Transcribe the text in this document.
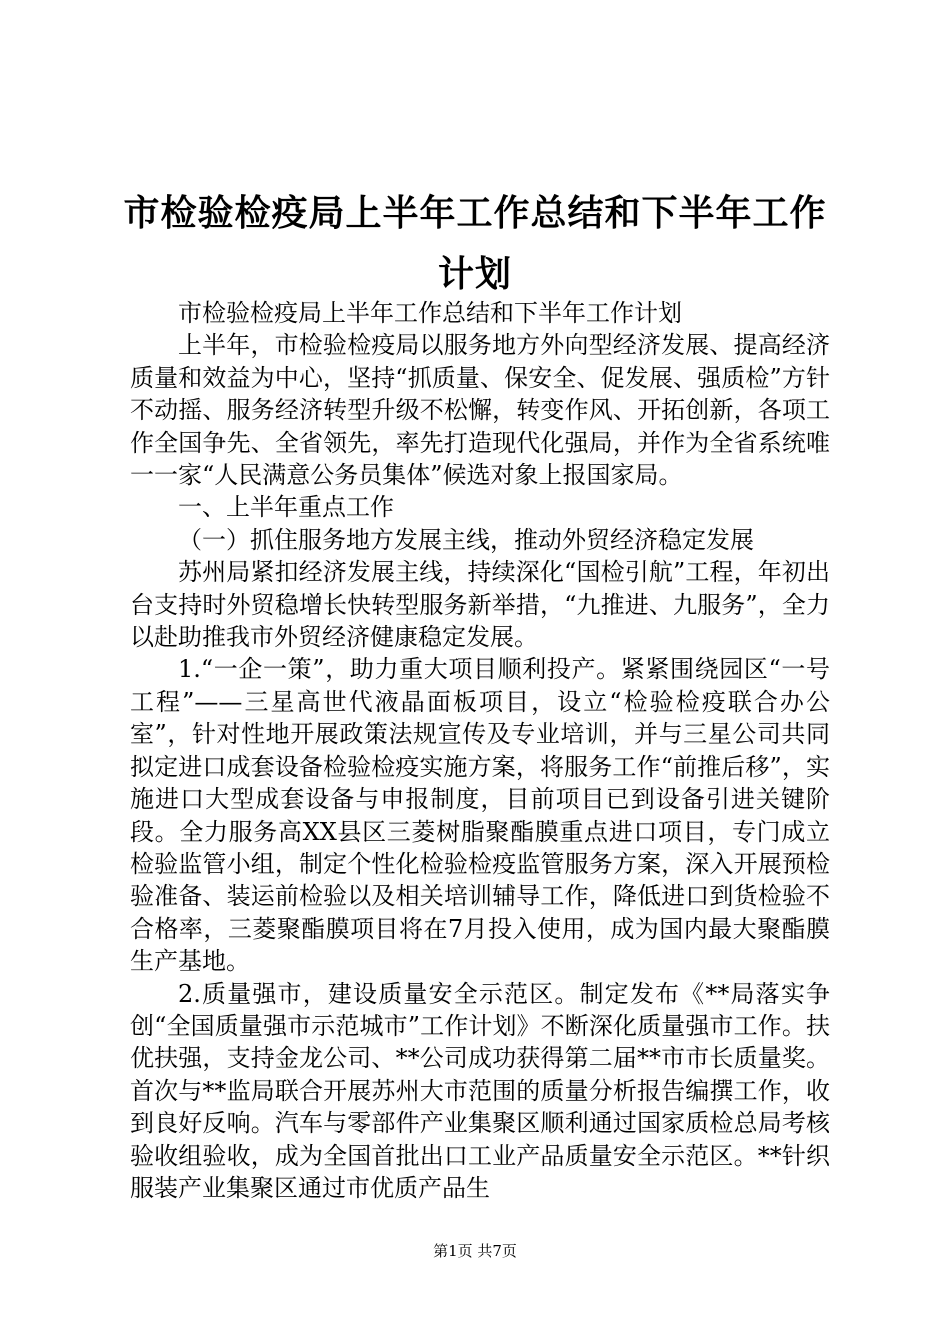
市检验检疫局上半年工作总结和下半年工作计划

市检验检疫局上半年工作总结和下半年工作计划

上半年，市检验检疫局以服务地方外向型经济发展、提高经济质量和效益为中心，坚持“抓质量、保安全、促发展、强质检”方针不动摇、服务经济转型升级不松懈，转变作风、开拓创新，各项工作全国争先、全省领先，率先打造现代化强局，并作为全省系统唯一一家“人民满意公务员集体”候选对象上报国家局。

一、上半年重点工作

（一）抓住服务地方发展主线，推动外贸经济稳定发展

苏州局紧扣经济发展主线，持续深化“国检引航”工程，年初出台支持时外贸稳增长快转型服务新举措，“九推进、九服务”，全力以赴助推我市外贸经济健康稳定发展。

1.“一企一策”，助力重大项目顺利投产。紧紧围绕园区“一号工程”——三星高世代液晶面板项目，设立“检验检疫联合办公室”，针对性地开展政策法规宣传及专业培训，并与三星公司共同拟定进口成套设备检验检疫实施方案，将服务工作“前推后移”，实施进口大型成套设备与申报制度，目前项目已到设备引进关键阶段。全力服务高XX县区三菱树脂聚酯膜重点进口项目，专门成立检验监管小组，制定个性化检验检疫监管服务方案，深入开展预检验准备、装运前检验以及相关培训辅导工作，降低进口到货检验不合格率，三菱聚酯膜项目将在7月投入使用，成为国内最大聚酯膜生产基地。

2.质量强市，建设质量安全示范区。制定发布《**局落实争创“全国质量强市示范城市”工作计划》不断深化质量强市工作。扶优扶强，支持金龙公司、**公司成功获得第二届**市市长质量奖。首次与**监局联合开展苏州大市范围的质量分析报告编撰工作，收到良好反响。汽车与零部件产业集聚区顺利通过国家质检总局考核验收组验收，成为全国首批出口工业产品质量安全示范区。**针织服装产业集聚区通过市优质产品生

第1页 共7页
